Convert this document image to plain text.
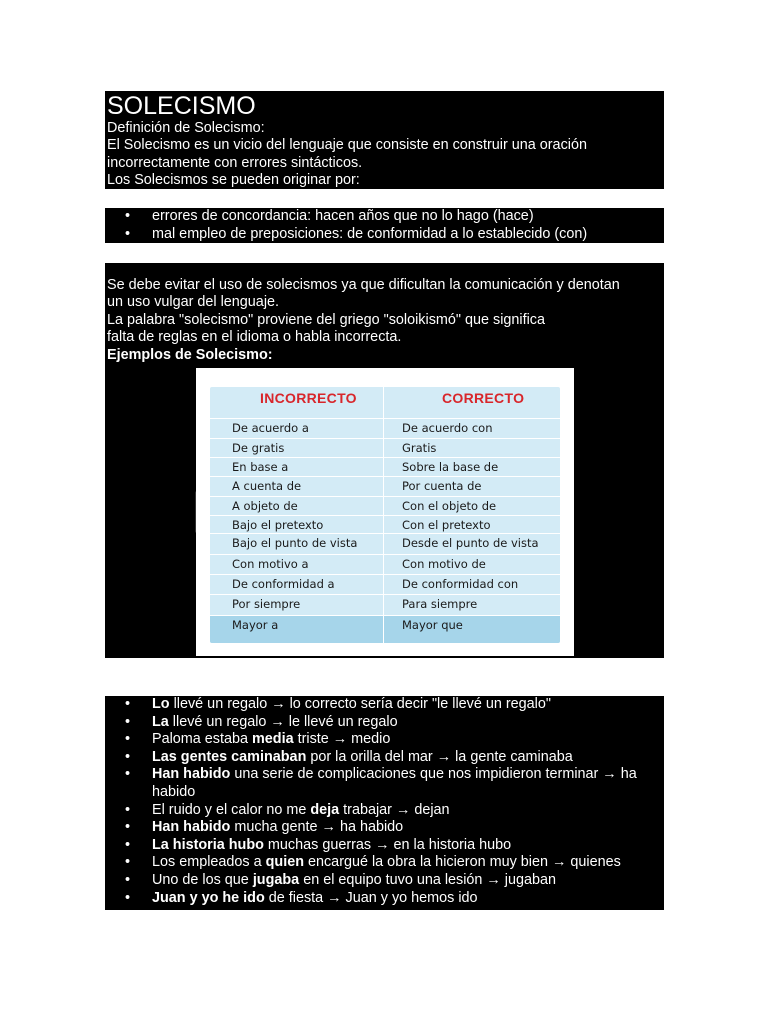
SOLECISMO

Definición de Solecismo:

El Solecismo es un vicio del lenguaje que consiste en construir una oración

incorrectamente con errores sintácticos.

Los Solecismos se pueden originar por:

• errores de concordancia: hacen años que no lo hago (hace)
• mal empleo de preposiciones: de conformidad a lo establecido (con)

Se debe evitar el uso de solecismos ya que dificultan la comunicación y denotan

un uso vulgar del lenguaje.

La palabra "solecismo" proviene del griego "soloikismó" que significa

falta de reglas en el idioma o habla incorrecta.

Ejemplos de Solecismo:

INCORRECTO	CORRECTO
De acuerdo a	De acuerdo con
De gratis	Gratis
En base a	Sobre la base de
A cuenta de	Por cuenta de
A objeto de	Con el objeto de
Bajo el pretexto	Con el pretexto
Bajo el punto de vista	Desde el punto de vista
Con motivo a	Con motivo de
De conformidad a	De conformidad con
Por siempre	Para siempre
Mayor a	Mayor que
• Lo llevé un regalo → lo correcto sería decir "le llevé un regalo"
• La llevé un regalo → le llevé un regalo
• Paloma estaba media triste → medio
• Las gentes caminaban por la orilla del mar → la gente caminaba
• Han habido una serie de complicaciones que nos impidieron terminar → ha habido
• El ruido y el calor no me deja trabajar → dejan
• Han habido mucha gente → ha habido
• La historia hubo muchas guerras → en la historia hubo
• Los empleados a quien encargué la obra la hicieron muy bien → quienes
• Uno de los que jugaba en el equipo tuvo una lesión → jugaban
• Juan y yo he ido de fiesta → Juan y yo hemos ido
